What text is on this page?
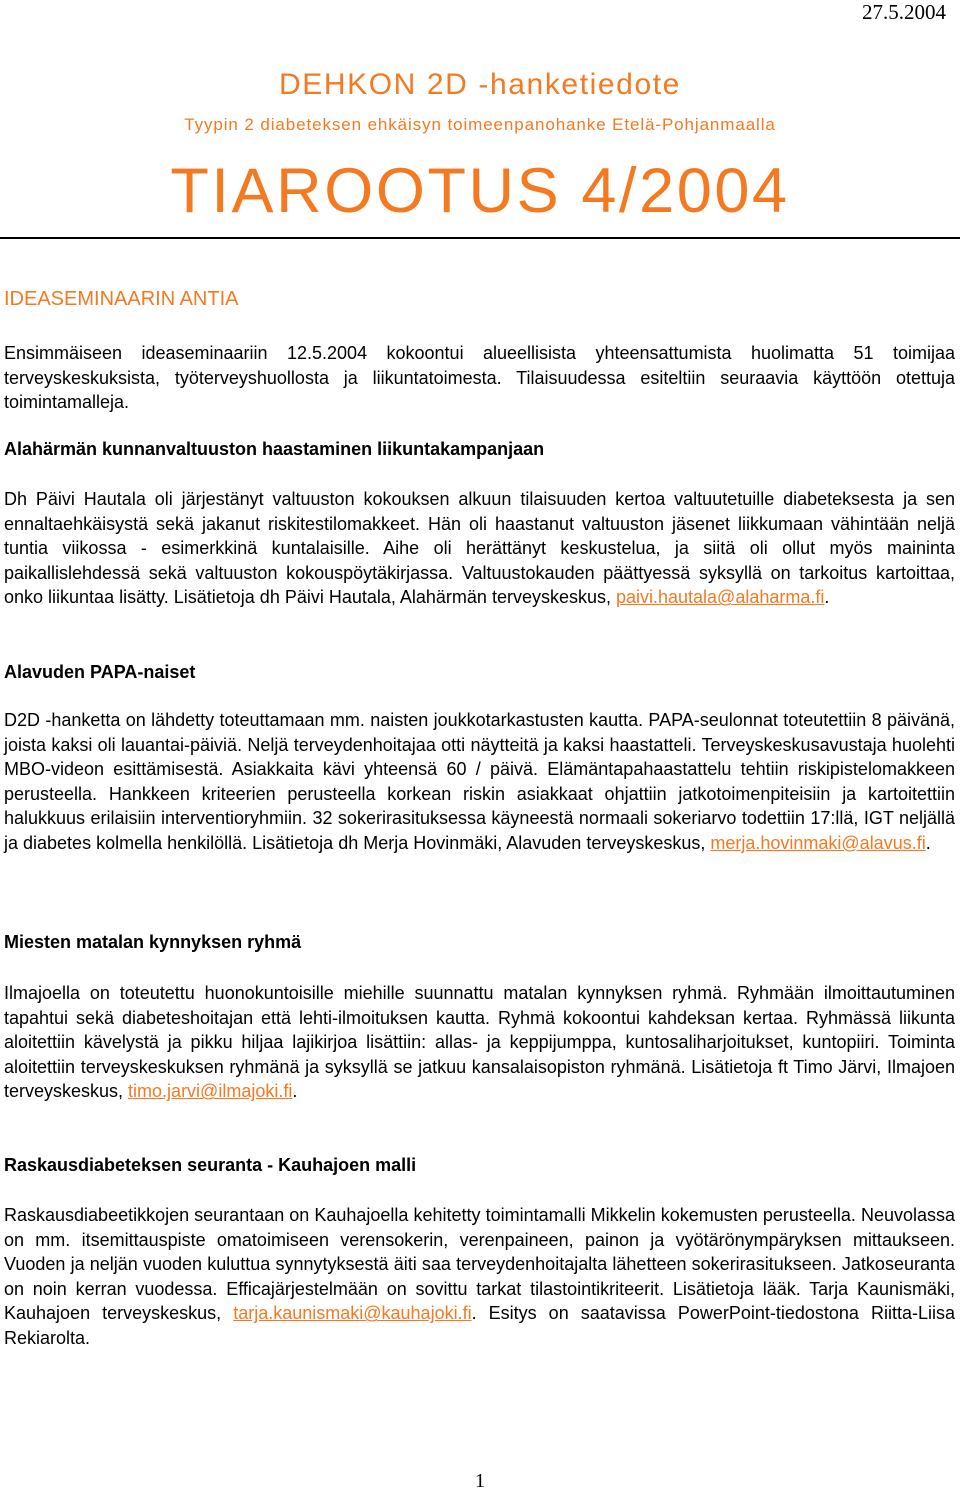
27.5.2004
DEHKON 2D -hanketiedote
Tyypin 2 diabeteksen ehkäisyn toimeenpanohanke Etelä-Pohjanmaalla
TIAROOTUS 4/2004
IDEASEMINAARIN ANTIA

Ensimmäiseen ideaseminaariin 12.5.2004 kokoontui alueellisista yhteensattumista huolimatta 51 toimijaa terveyskeskuksista, työterveyshuollosta ja liikuntatoimesta. Tilaisuudessa esiteltiin seuraavia käyttöön otettuja toimintamalleja.

Alahärmän kunnanvaltuuston haastaminen liikuntakampanjaan

Dh Päivi Hautala oli järjestänyt valtuuston kokouksen alkuun tilaisuuden kertoa valtuutetuille diabeteksesta ja sen ennaltaehkäisystä sekä jakanut riskitestilomakkeet. Hän oli haastanut valtuuston jäsenet liikkumaan vähintään neljä tuntia viikossa - esimerkkinä kuntalaisille. Aihe oli herättänyt keskustelua, ja siitä oli ollut myös maininta paikallislehdessä sekä valtuuston kokouspöytäkirjassa. Valtuustokauden päättyessä syksyllä on tarkoitus kartoittaa, onko liikuntaa lisätty. Lisätietoja dh Päivi Hautala, Alahärmän terveyskeskus, paivi.hautala@alaharma.fi.

Alavuden PAPA-naiset

D2D -hanketta on lähdetty toteuttamaan mm. naisten joukkotarkastusten kautta. PAPA-seulonnat toteutettiin 8 päivänä, joista kaksi oli lauantai-päiviä. Neljä terveydenhoitajaa otti näytteitä ja kaksi haastatteli. Terveyskeskusavustaja huolehti MBO-videon esittämisestä. Asiakkaita kävi yhteensä 60 / päivä. Elämäntapahaastattelu tehtiin riskipistelomakkeen perusteella. Hankkeen kriteerien perusteella korkean riskin asiakkaat ohjattiin jatkotoimenpiteisiin ja kartoitettiin halukkuus erilaisiin interventioryhmiin. 32 sokerirasituksessa käyneestä normaali sokeriarvo todettiin 17:llä, IGT neljällä ja diabetes kolmella henkilöllä. Lisätietoja dh Merja Hovinmäki, Alavuden terveyskeskus, merja.hovinmaki@alavus.fi.

Miesten matalan kynnyksen ryhmä

Ilmajoella on toteutettu huonokuntoisille miehille suunnattu matalan kynnyksen ryhmä. Ryhmään ilmoittautuminen tapahtui sekä diabeteshoitajan että lehti-ilmoituksen kautta. Ryhmä kokoontui kahdeksan kertaa. Ryhmässä liikunta aloitettiin kävelystä ja pikku hiljaa lajikirjoa lisättiin: allas- ja keppijumppa, kuntosaliharjoitukset, kuntopiiri. Toiminta aloitettiin terveyskeskuksen ryhmänä ja syksyllä se jatkuu kansalaisopiston ryhmänä. Lisätietoja ft Timo Järvi, Ilmajoen terveyskeskus, timo.jarvi@ilmajoki.fi.

Raskausdiabeteksen seuranta - Kauhajoen malli

Raskausdiabeetikkojen seurantaan on Kauhajoella kehitetty toimintamalli Mikkelin kokemusten perusteella. Neuvolassa on mm. itsemittauspiste omatoimiseen verensokerin, verenpaineen, painon ja vyötärönympäryksen mittaukseen. Vuoden ja neljän vuoden kuluttua synnytyksestä äiti saa terveydenhoitajalta lähetteen sokerirasitukseen. Jatkoseuranta on noin kerran vuodessa. Efficajärjestelmään on sovittu tarkat tilastointikriteerit. Lisätietoja lääk. Tarja Kaunismäki, Kauhajoen terveyskeskus, tarja.kaunismaki@kauhajoki.fi. Esitys on saatavissa PowerPoint-tiedostona Riitta-Liisa Rekiarolta.

1
